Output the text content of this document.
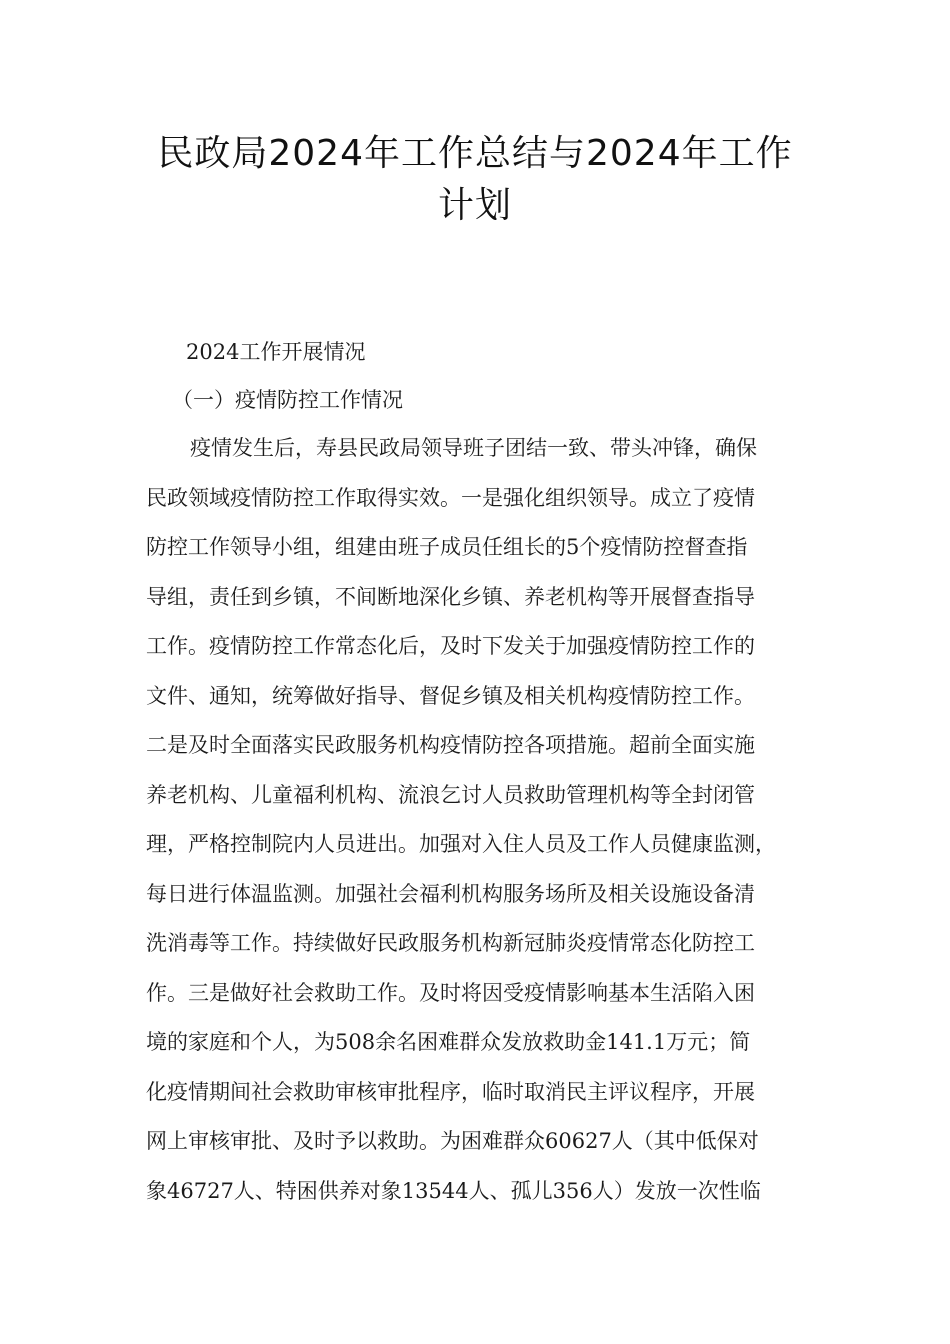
民政局2024年工作总结与2024年工作
计划

2024工作开展情况

（一）疫情防控工作情况

疫情发生后，寿县民政局领导班子团结一致、带头冲锋，确保
民政领域疫情防控工作取得实效。一是强化组织领导。成立了疫情
防控工作领导小组，组建由班子成员任组长的5个疫情防控督查指
导组，责任到乡镇，不间断地深化乡镇、养老机构等开展督查指导
工作。疫情防控工作常态化后，及时下发关于加强疫情防控工作的
文件、通知，统筹做好指导、督促乡镇及相关机构疫情防控工作。
二是及时全面落实民政服务机构疫情防控各项措施。超前全面实施
养老机构、儿童福利机构、流浪乞讨人员救助管理机构等全封闭管
理，严格控制院内人员进出。加强对入住人员及工作人员健康监测，
每日进行体温监测。加强社会福利机构服务场所及相关设施设备清
洗消毒等工作。持续做好民政服务机构新冠肺炎疫情常态化防控工
作。三是做好社会救助工作。及时将因受疫情影响基本生活陷入困
境的家庭和个人，为508余名困难群众发放救助金141.1万元；简
化疫情期间社会救助审核审批程序，临时取消民主评议程序，开展
网上审核审批、及时予以救助。为困难群众60627人（其中低保对
象46727人、特困供养对象13544人、孤儿356人）发放一次性临
